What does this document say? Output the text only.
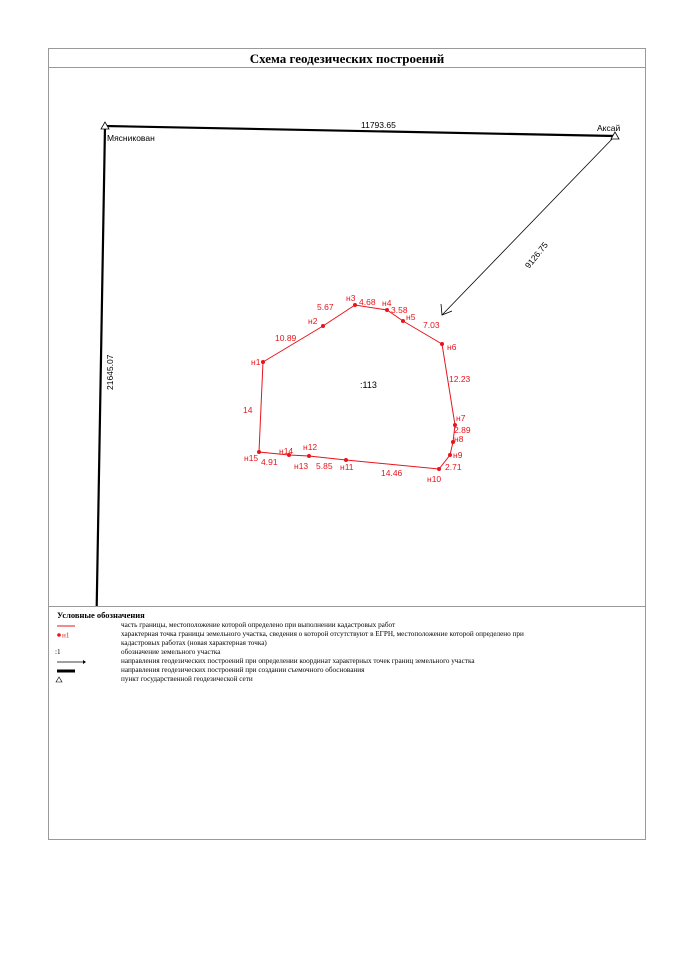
Схема геодезических построений
Мясникован
Аксай
11793.65
21645.07
9126.75
:113
н1
н2
н3	н4
н5
н6
н7
н8
н9
н10
н11
н12
н13
н14
н15
10.89
5.67	4.68
3.58
7.03
12.23
2.89
2.71
14.46
5.85
4.91
14
Условные обозначения
часть границы, местоположение которой определено при выполнении кадастровых работ
н1	характерная точка границы земельного участка, сведения о которой отсутствуют в ЕГРН, местоположение которой определено при
кадастровых работах (новая характерная точка)
:1	обозначение земельного участка
направления геодезических построений при определении координат характерных точек границ земельного участка
направления геодезических построений при создании съемочного обоснования
пункт государственной геодезической сети
